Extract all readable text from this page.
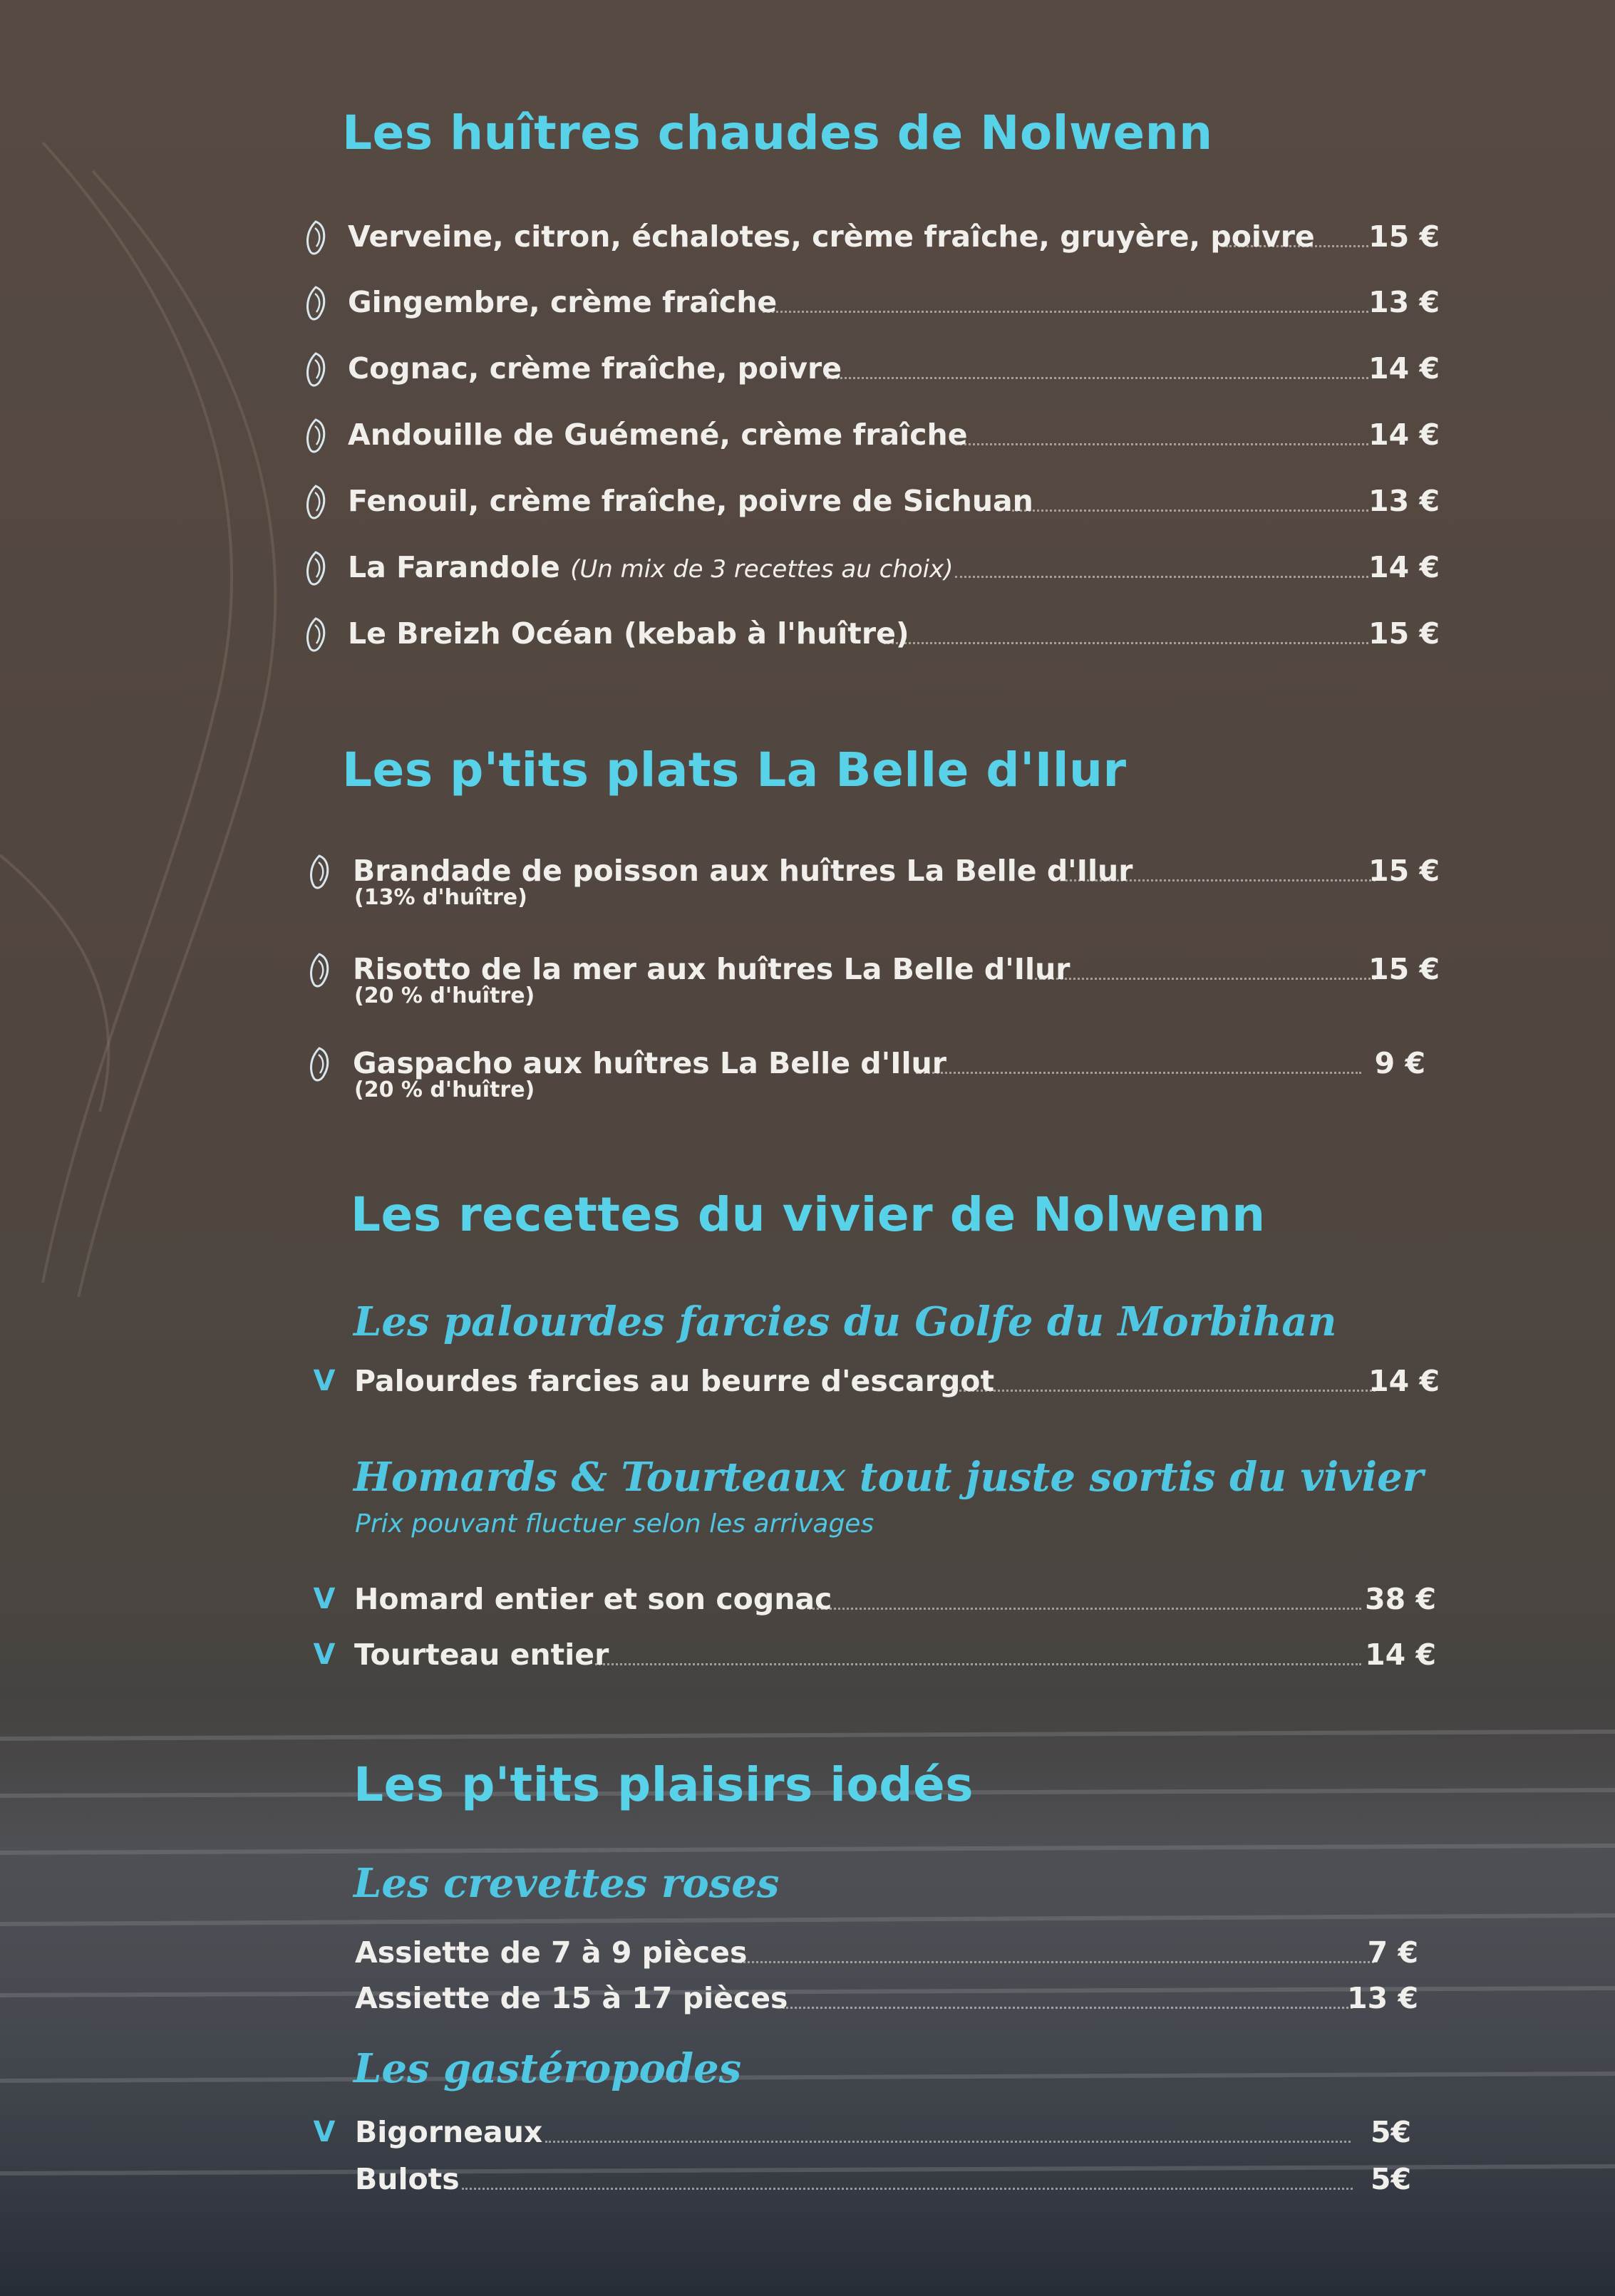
Les huîtres chaudes de Nolwenn
Verveine, citron, échalotes, crème fraîche, gruyère, poivre 15 €
Gingembre, crème fraîche	13 €
Cognac, crème fraîche, poivre	14 €
Andouille de Guémené, crème fraîche	14 €
Fenouil, crème fraîche, poivre de Sichuan	13 €
La Farandole (Un mix de 3 recettes au choix)	14 €
Le Breizh Océan (kebab à l'huître)	15 €
Les p'tits plats La Belle d'Ilur
Brandade de poisson aux huîtres La Belle d'Ilur
(13% d'huître)
15 €
Risotto de la mer aux huîtres La Belle d'Ilur
(20 % d'huître)
15 €
Gaspacho aux huîtres La Belle d'Ilur
(20 % d'huître)
9 €
Les recettes du vivier de Nolwenn
Les palourdes farcies du Golfe du Morbihan
V Palourdes farcies au beurre d'escargot	14 €
Homards & Tourteaux tout juste sortis du vivier

Prix pouvant fluctuer selon les arrivages

V Homard entier et son cognac	38 €
V Tourteau entier	14 €
Les p'tits plaisirs iodés
Les crevettes roses
Assiette de 7 à 9 pièces	7 €
Assiette de 15 à 17 pièces	13 €
Les gastéropodes
V Bigorneaux	5€
Bulots	5€
